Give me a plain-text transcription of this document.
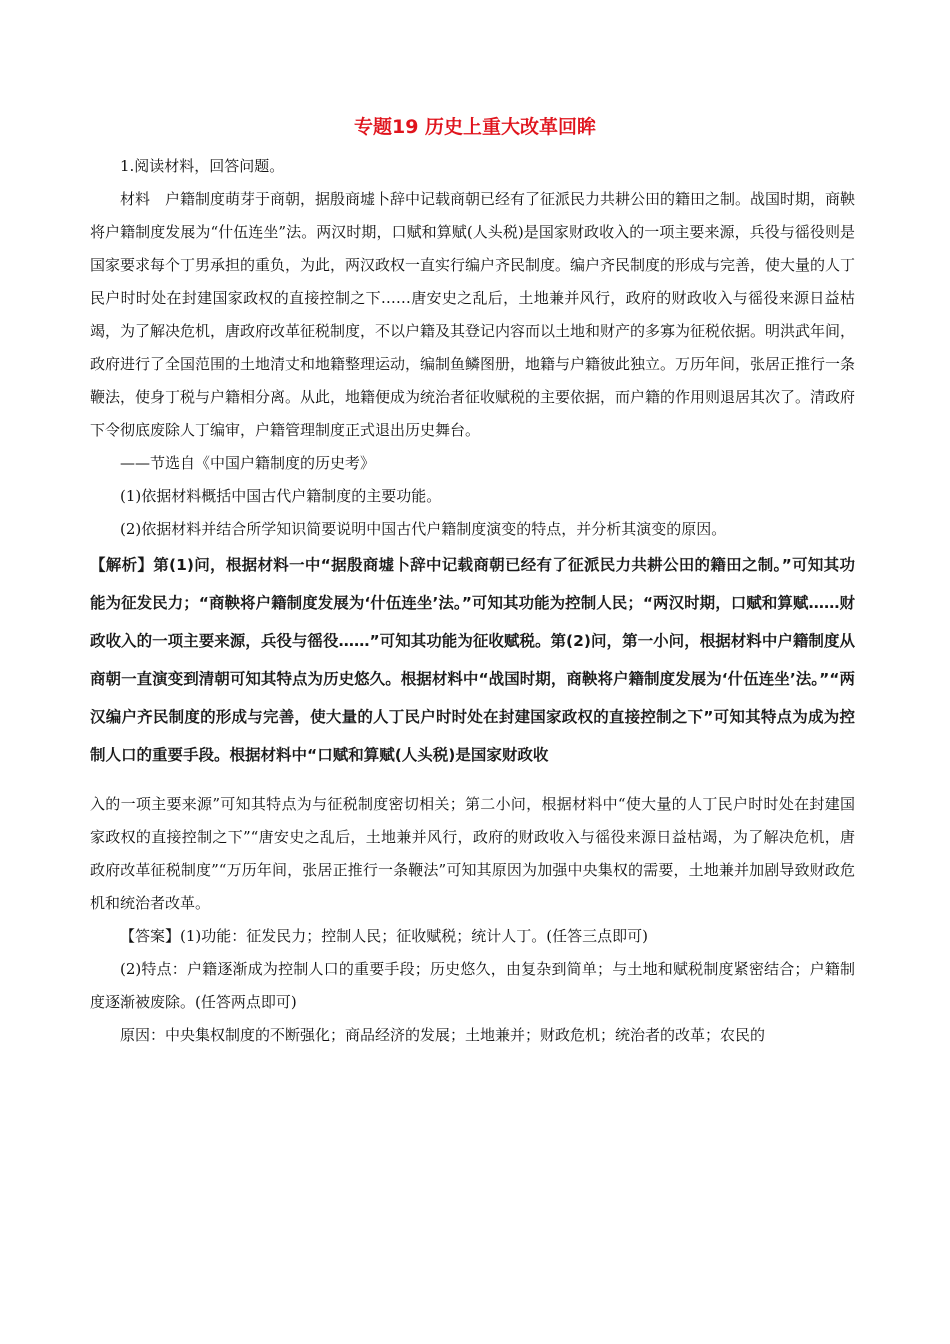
专题19 历史上重大改革回眸

1.阅读材料，回答问题。

材料　户籍制度萌芽于商朝，据殷商墟卜辞中记载商朝已经有了征派民力共耕公田的籍田之制。战国时期，商鞅将户籍制度发展为“什伍连坐”法。两汉时期，口赋和算赋(人头税)是国家财政收入的一项主要来源，兵役与徭役则是国家要求每个丁男承担的重负，为此，两汉政权一直实行编户齐民制度。编户齐民制度的形成与完善，使大量的人丁民户时时处在封建国家政权的直接控制之下……唐安史之乱后，土地兼并风行，政府的财政收入与徭役来源日益枯竭，为了解决危机，唐政府改革征税制度，不以户籍及其登记内容而以土地和财产的多寡为征税依据。明洪武年间，政府进行了全国范围的土地清丈和地籍整理运动，编制鱼鳞图册，地籍与户籍彼此独立。万历年间，张居正推行一条鞭法，使身丁税与户籍相分离。从此，地籍便成为统治者征收赋税的主要依据，而户籍的作用则退居其次了。清政府下令彻底废除人丁编审，户籍管理制度正式退出历史舞台。

——节选自《中国户籍制度的历史考》

(1)依据材料概括中国古代户籍制度的主要功能。

(2)依据材料并结合所学知识简要说明中国古代户籍制度演变的特点，并分析其演变的原因。

【解析】第(1)问，根据材料一中“据殷商墟卜辞中记载商朝已经有了征派民力共耕公田的籍田之制。”可知其功能为征发民力；“商鞅将户籍制度发展为‘什伍连坐’法。”可知其功能为控制人民；“两汉时期，口赋和算赋……财政收入的一项主要来源，兵役与徭役……”可知其功能为征收赋税。第(2)问，第一小问，根据材料中户籍制度从商朝一直演变到清朝可知其特点为历史悠久。根据材料中“战国时期，商鞅将户籍制度发展为‘什伍连坐’法。”“两汉编户齐民制度的形成与完善，使大量的人丁民户时时处在封建国家政权的直接控制之下”可知其特点为成为控制人口的重要手段。根据材料中“口赋和算赋(人头税)是国家财政收

入的一项主要来源”可知其特点为与征税制度密切相关；第二小问，根据材料中“使大量的人丁民户时时处在封建国家政权的直接控制之下”“唐安史之乱后，土地兼并风行，政府的财政收入与徭役来源日益枯竭，为了解决危机，唐政府改革征税制度”“万历年间，张居正推行一条鞭法”可知其原因为加强中央集权的需要，土地兼并加剧导致财政危机和统治者改革。

【答案】(1)功能：征发民力；控制人民；征收赋税；统计人丁。(任答三点即可)

(2)特点：户籍逐渐成为控制人口的重要手段；历史悠久，由复杂到简单；与土地和赋税制度紧密结合；户籍制度逐渐被废除。(任答两点即可)

原因：中央集权制度的不断强化；商品经济的发展；土地兼并；财政危机；统治者的改革；农民的
